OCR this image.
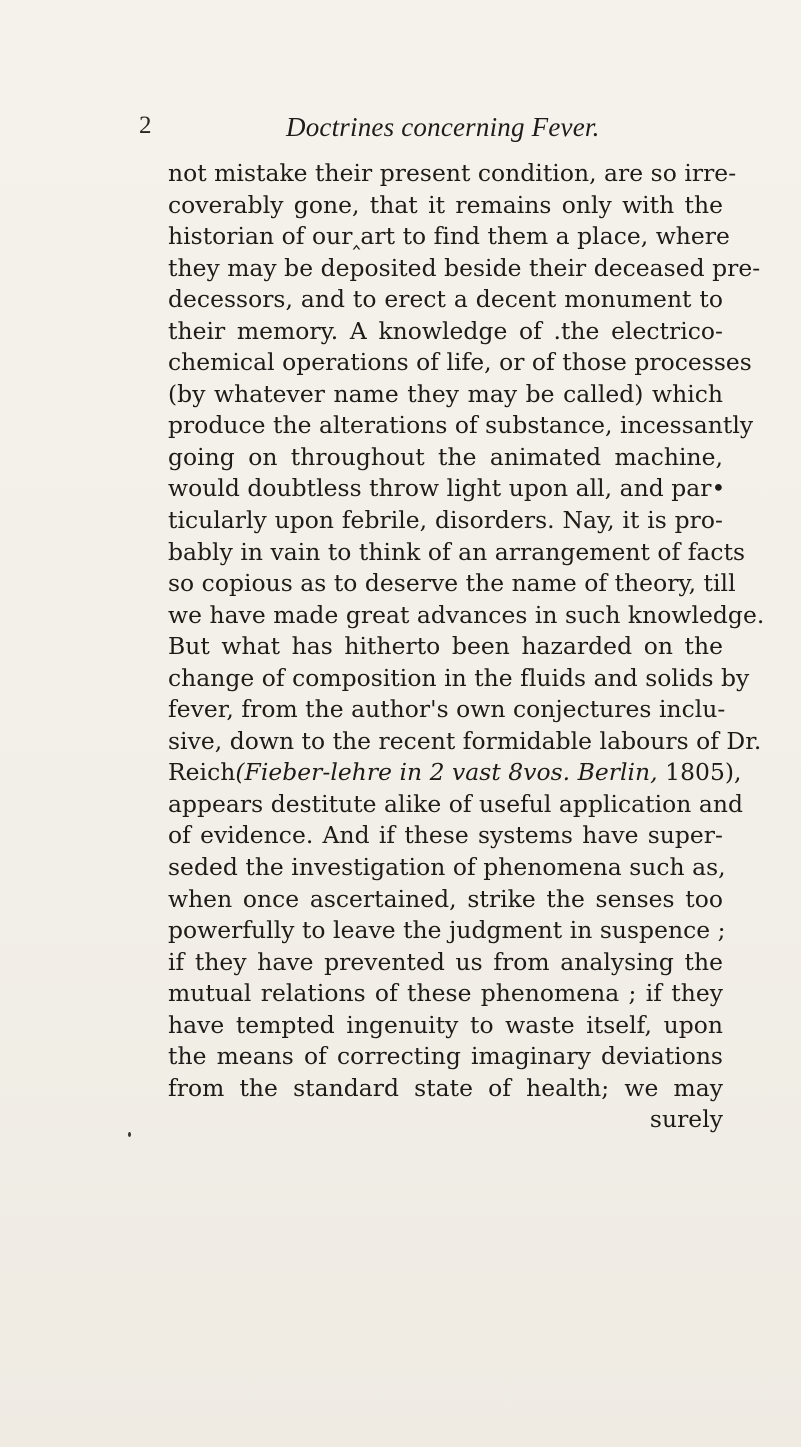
2	Doctrines concerning Fever.
not mistake their present condition, are so irre-
coverably gone, that it remains only with the
historian of our‸art to find them a place, where
they may be deposited beside their deceased pre-
decessors, and to erect a decent monument to
their memory. A knowledge of .the electrico-
chemical operations of life, or of those processes
(by whatever name they may be called) which
produce the alterations of substance, incessantly
going on throughout the animated machine,
would doubtless throw light upon all, and par•
ticularly upon febrile, disorders. Nay, it is pro-
bably in vain to think of an arrangement of facts
so copious as to deserve the name of theory, till
we have made great advances in such knowledge.
But what has hitherto been hazarded on the
change of composition in the fluids and solids by
fever, from the author's own conjectures inclu-
sive, down to the recent formidable labours of Dr.
Reich(Fieber-lehre in 2 vast 8vos. Berlin, 1805),
appears destitute alike of useful application and
of evidence. And if these systems have super-
seded the investigation of phenomena such as,
when once ascertained, strike the senses too
powerfully to leave the judgment in suspence ;
if they have prevented us from analysing the
mutual relations of these phenomena ; if they
have tempted ingenuity to waste itself, upon
the means of correcting imaginary deviations
from the standard state of health; we may
surely
